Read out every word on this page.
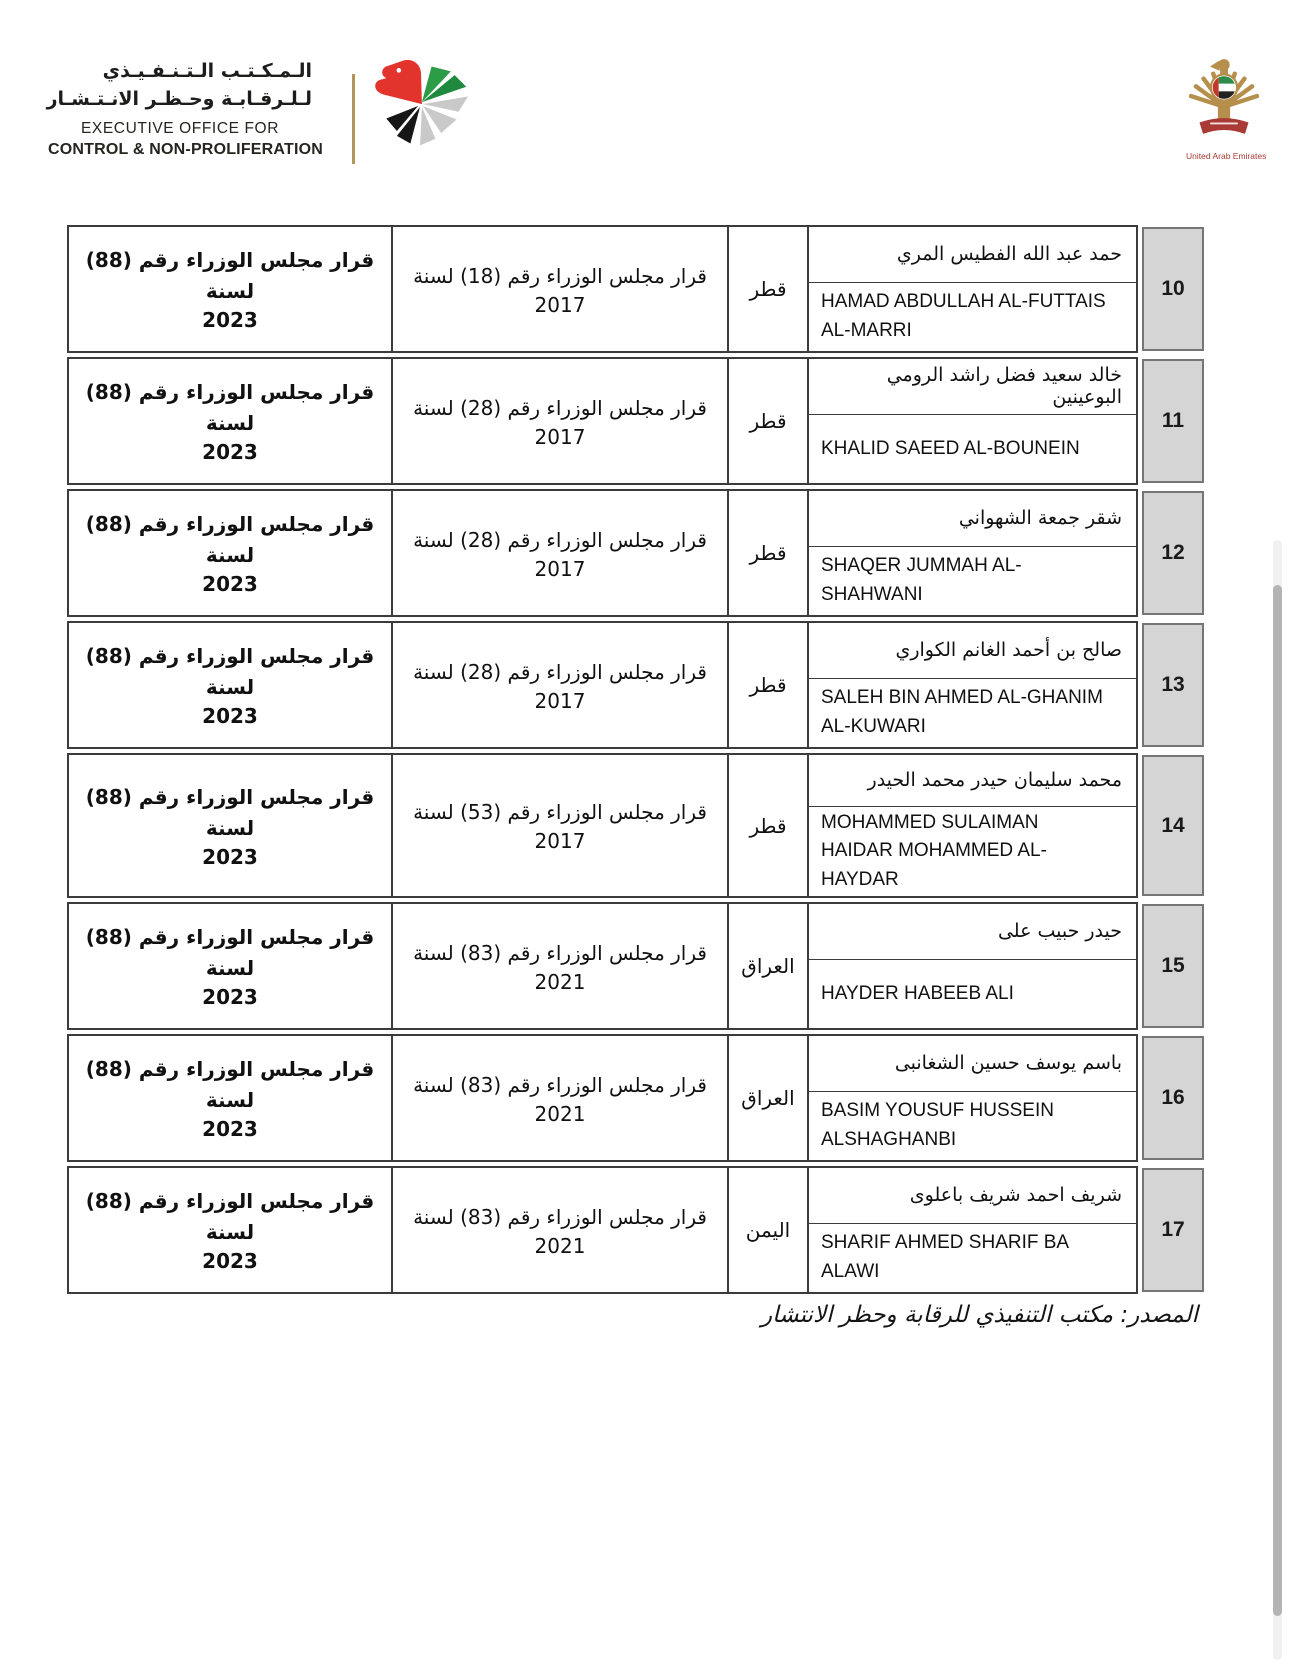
الـمـكـتـب الـتـنـفـيـذي
لـلـرقـابـة وحـظـر الانـتـشـار
EXECUTIVE OFFICE FOR
CONTROL & NON-PROLIFERATION	United Arab Emirates
قرار مجلس الوزراء رقم (88) لسنة
2023
قرار مجلس الوزراء رقم (18) لسنة
2017
قطر
حمد عبد الله الفطيس المري
HAMAD ABDULLAH AL-FUTTAIS AL-MARRI
10
قرار مجلس الوزراء رقم (88) لسنة
2023
قرار مجلس الوزراء رقم (28) لسنة
2017
قطر
خالد سعيد فضل راشد الرومي البوعينين
KHALID SAEED AL-BOUNEIN
11
قرار مجلس الوزراء رقم (88) لسنة
2023
قرار مجلس الوزراء رقم (28) لسنة
2017
قطر
شقر جمعة الشهواني
SHAQER JUMMAH AL-SHAHWANI
12
قرار مجلس الوزراء رقم (88) لسنة
2023
قرار مجلس الوزراء رقم (28) لسنة
2017
قطر
صالح بن أحمد الغانم الكواري
SALEH BIN AHMED AL-GHANIM AL-KUWARI
13
قرار مجلس الوزراء رقم (88) لسنة
2023
قرار مجلس الوزراء رقم (53) لسنة
2017
قطر
محمد سليمان حيدر محمد الحيدر
MOHAMMED SULAIMAN HAIDAR MOHAMMED AL-HAYDAR
14
قرار مجلس الوزراء رقم (88) لسنة
2023
قرار مجلس الوزراء رقم (83) لسنة
2021
العراق
حيدر حبيب على
HAYDER HABEEB ALI
15
قرار مجلس الوزراء رقم (88) لسنة
2023
قرار مجلس الوزراء رقم (83) لسنة
2021
العراق
باسم يوسف حسين الشغانبى
BASIM YOUSUF HUSSEIN ALSHAGHANBI
16
قرار مجلس الوزراء رقم (88) لسنة
2023
قرار مجلس الوزراء رقم (83) لسنة
2021
اليمن
شريف احمد شريف باعلوى
SHARIF AHMED SHARIF BA ALAWI
17
المصدر: مكتب التنفيذي للرقابة وحظر الانتشار
